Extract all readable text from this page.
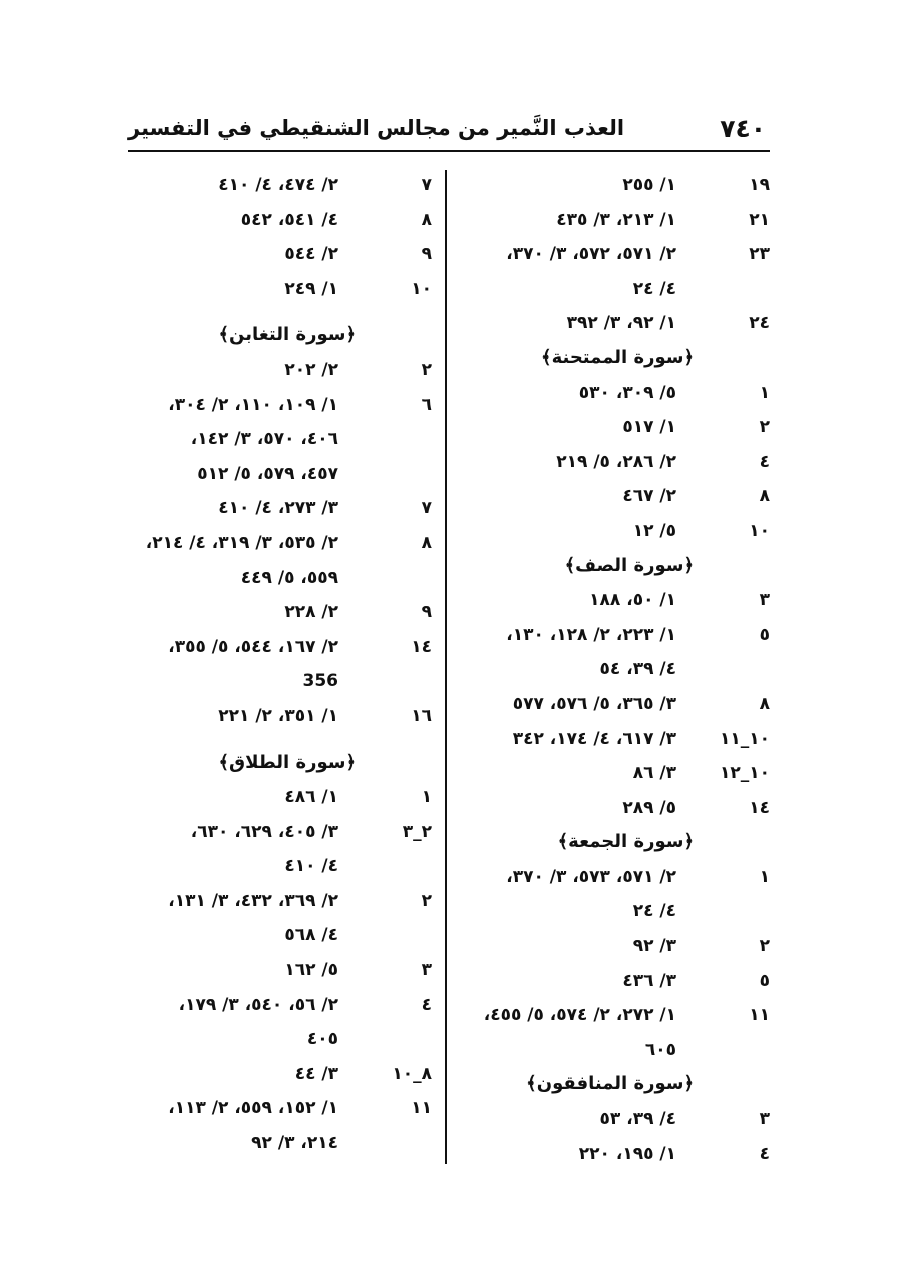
٧٤٠
العذب النَّمير من مجالس الشنقيطي في التفسير
١٩
١/ ٢٥٥
٢١
١/ ٢١٣، ٣/ ٤٣٥
٢٣
٢/ ٥٧١، ٥٧٢، ٣/ ٣٧٠،
٤/ ٢٤
٢٤
١/ ٩٢، ٣/ ٣٩٢
﴿سورة الممتحنة﴾
١
٥/ ٣٠٩، ٥٣٠
٢
١/ ٥١٧
٤
٢/ ٢٨٦، ٥/ ٢١٩
٨
٢/ ٤٦٧
١٠
٥/ ١٢
﴿سورة الصف﴾
٣
١/ ٥٠، ١٨٨
٥
١/ ٢٢٣، ٢/ ١٢٨، ١٣٠،
٤/ ٣٩، ٥٤
٨
٣/ ٣٦٥، ٥/ ٥٧٦، ٥٧٧
١٠_١١
٣/ ٦١٧، ٤/ ١٧٤، ٣٤٢
١٠_١٢
٣/ ٨٦
١٤
٥/ ٢٨٩
﴿سورة الجمعة﴾
١
٢/ ٥٧١، ٥٧٣، ٣/ ٣٧٠،
٤/ ٢٤
٢
٣/ ٩٢
٥
٣/ ٤٣٦
١١
١/ ٢٧٢، ٢/ ٥٧٤، ٥/ ٤٥٥،
٦٠٥
﴿سورة المنافقون﴾
٣
٤/ ٣٩، ٥٣
٤
١/ ١٩٥، ٢٢٠
٧
٢/ ٤٧٤، ٤/ ٤١٠
٨
٤/ ٥٤١، ٥٤٢
٩
٢/ ٥٤٤
١٠
١/ ٢٤٩
﴿سورة التغابن﴾
٢
٢/ ٢٠٢
٦
١/ ١٠٩، ١١٠، ٢/ ٣٠٤،
٤٠٦، ٥٧٠، ٣/ ١٤٢،
٤٥٧، ٥٧٩، ٥/ ٥١٢
٧
٣/ ٢٧٣، ٤/ ٤١٠
٨
٢/ ٥٣٥، ٣/ ٣١٩، ٤/ ٢١٤،
٥٥٩، ٥/ ٤٤٩
٩
٢/ ٢٢٨
١٤
٢/ ١٦٧، ٥٤٤، ٥/ ٣٥٥،
356
١٦
١/ ٣٥١، ٢/ ٢٢١
﴿سورة الطلاق﴾
١
١/ ٤٨٦
٢_٣
٣/ ٤٠٥، ٦٢٩، ٦٣٠،
٤/ ٤١٠
٢
٢/ ٣٦٩، ٤٣٢، ٣/ ١٣١،
٤/ ٥٦٨
٣
٥/ ١٦٢
٤
٢/ ٥٦، ٥٤٠، ٣/ ١٧٩،
٤٠٥
٨_١٠
٣/ ٤٤
١١
١/ ١٥٢، ٥٥٩، ٢/ ١١٣،
٢١٤، ٣/ ٩٢
